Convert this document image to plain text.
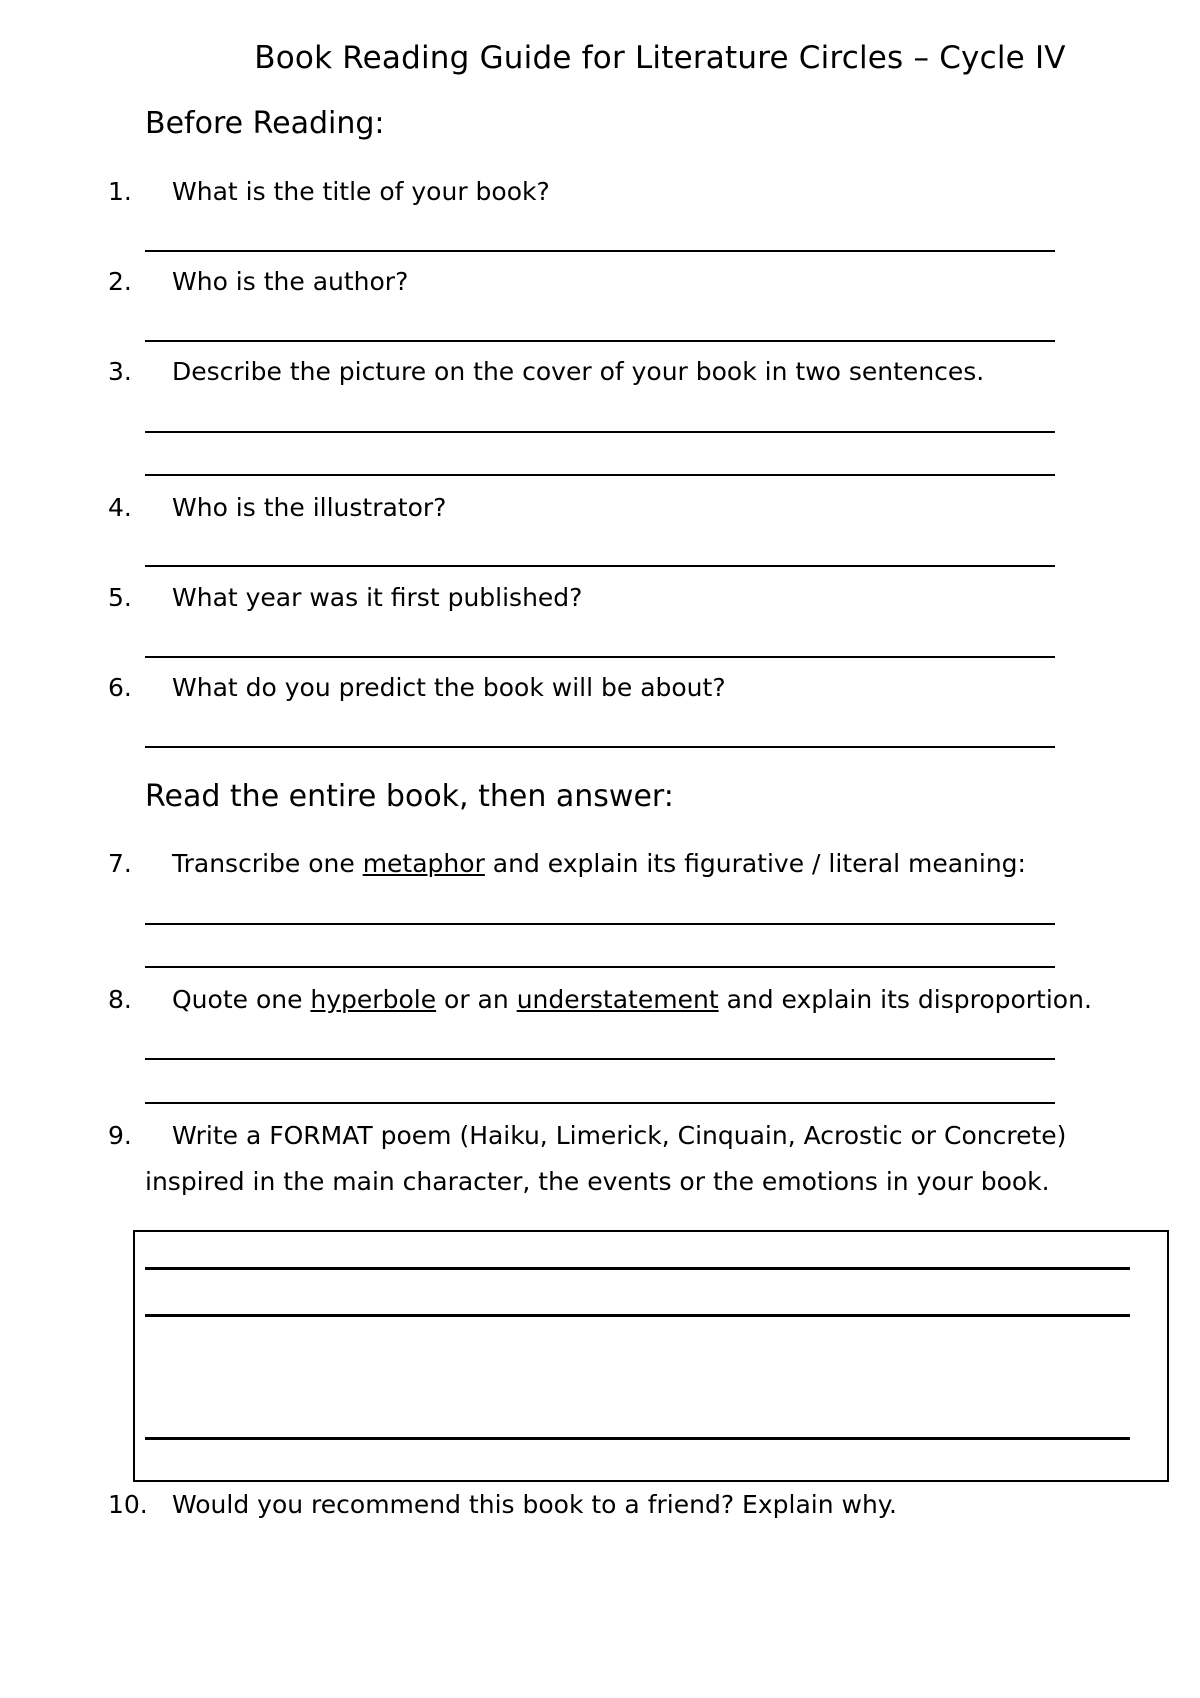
Book Reading Guide for Literature Circles – Cycle IV
Before Reading:
1. What is the title of your book?
2. Who is the author?
3. Describe the picture on the cover of your book in two sentences.
4. Who is the illustrator?
5. What year was it first published?
6. What do you predict the book will be about?
Read the entire book, then answer:
7. Transcribe one metaphor and explain its figurative / literal meaning:
8. Quote one hyperbole or an understatement and explain its disproportion.
9. Write a FORMAT poem (Haiku, Limerick, Cinquain, Acrostic or Concrete)
inspired in the main character, the events or the emotions in your book.
10. Would you recommend this book to a friend? Explain why.
